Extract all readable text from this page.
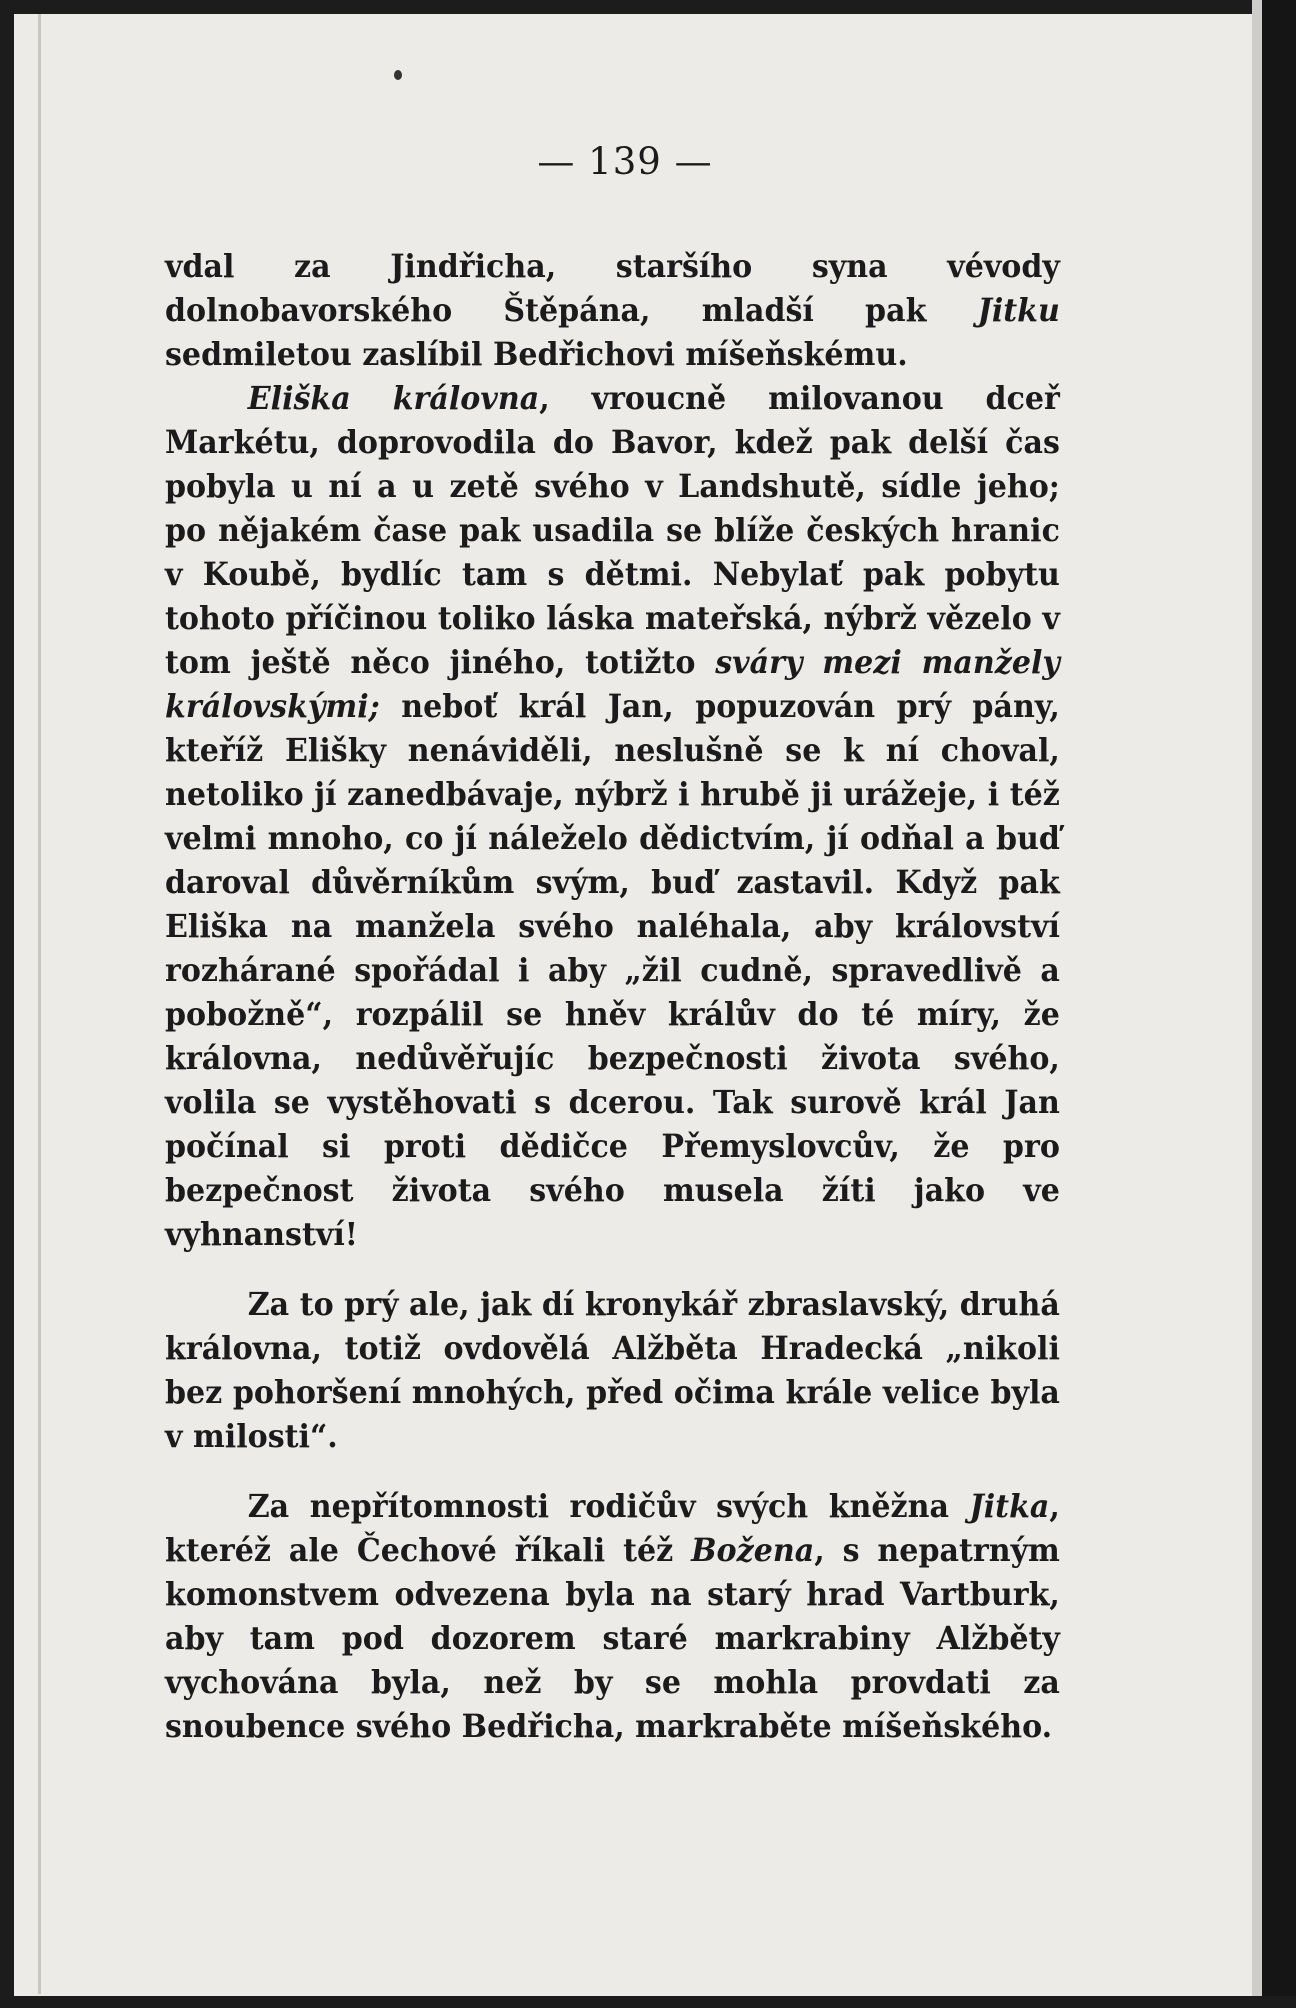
— 139 —

vdal za Jindřicha, staršího syna vévody dolnobavorského Štěpána, mladší pak Jitku sedmiletou zaslíbil Bedřichovi míšeňskému.

Eliška královna, vroucně milovanou dceř Markétu, doprovodila do Bavor, kdež pak delší čas pobyla u ní a u zetě svého v Landshutě, sídle jeho; po nějakém čase pak usadila se blíže českých hranic v Koubě, bydlíc tam s dětmi. Nebylať pak pobytu tohoto příčinou toliko láska mateřská, nýbrž vězelo v tom ještě něco jiného, totižto sváry mezi manžely královskými; neboť král Jan, popuzován prý pány, kteříž Elišky nenáviděli, neslušně se k ní choval, netoliko jí zanedbávaje, nýbrž i hrubě ji urážeje, i též velmi mnoho, co jí náleželo dědictvím, jí odňal a buď daroval důvěrníkům svým, buď zastavil. Když pak Eliška na manžela svého naléhala, aby království rozhárané spořádal i aby „žil cudně, spravedlivě a pobožně“, rozpálil se hněv králův do té míry, že královna, nedůvěřujíc bezpečnosti života svého, volila se vystěhovati s dcerou. Tak surově král Jan počínal si proti dědičce Přemyslovcův, že pro bezpečnost života svého musela žíti jako ve vyhnanství!

Za to prý ale, jak dí kronykář zbraslavský, druhá královna, totiž ovdovělá Alžběta Hradecká „nikoli bez pohoršení mnohých, před očima krále velice byla v milosti“.

Za nepřítomnosti rodičův svých kněžna Jitka, kteréž ale Čechové říkali též Božena, s nepatrným komonstvem odvezena byla na starý hrad Vartburk, aby tam pod dozorem staré markrabiny Alžběty vychována byla, než by se mohla provdati za snoubence svého Bedřicha, markraběte míšeňského.
